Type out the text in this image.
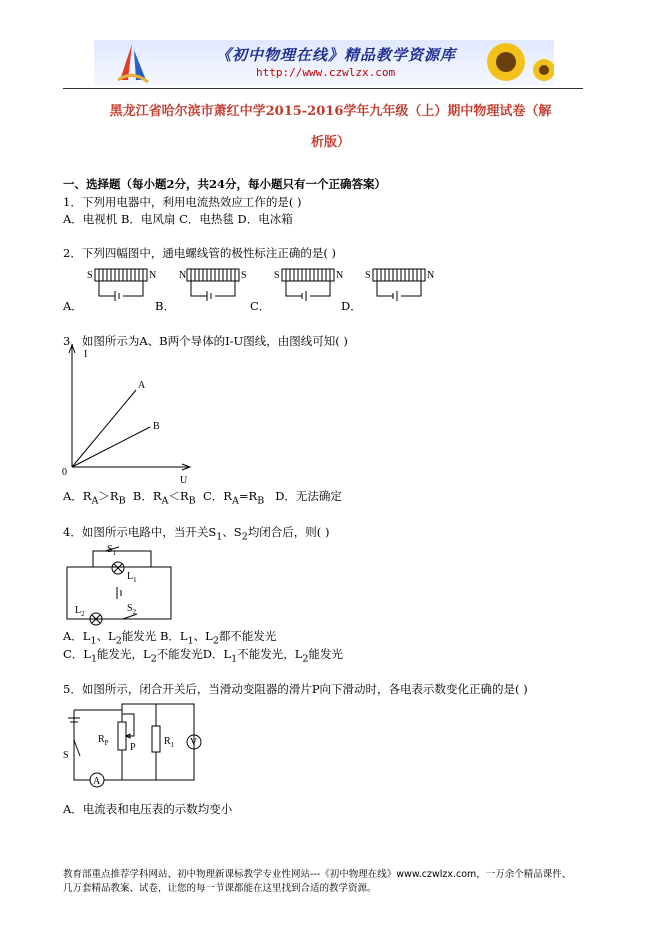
《初中物理在线》精品教学资源库
http://www.czwlzx.com
黑龙江省哈尔滨市萧红中学2015-2016学年九年级（上）期中物理试卷（解
析版）
一、选择题（每小题2分，共24分，每小题只有一个正确答案）
1．下列用电器中，利用电流热效应工作的是( )
A．电视机 B．电风扇 C．电热毯 D．电冰箱
2．下列四幅图中，通电螺线管的极性标注正确的是( )
S	N
A．
N	S
B．
S	N
C．
S	N
D．
3．如图所示为A、B两个导体的I-U图线，由图线可知( )
I
0
U
A
B
A．$R_A>R_B$ B．$R_A<R_B$ C．$R_A=R_B$ D．无法确定
4．如图所示电路中，当开关$S_1$、$S_2$均闭合后，则( )
$S_1$
$L_1$
$L_2$	$S_2$
A．$L_1$、$L_2$能发光 B．$L_1$、$L_2$都不能发光
C．$L_1$能发光，$L_2$不能发光D．$L_1$不能发光，$L_2$能发光
5．如图所示，闭合开关后，当滑动变阻器的滑片P向下滑动时，各电表示数变化正确的是( )
$R_P$ P
$R_1$ V
S
A
A．电流表和电压表的示数均变小
教育部重点推荐学科网站、初中物理新课标教学专业性网站---《初中物理在线》www.czwlzx.com，一万余个精品课件、
几万套精品教案、试卷，让您的每一节课都能在这里找到合适的教学资源。
